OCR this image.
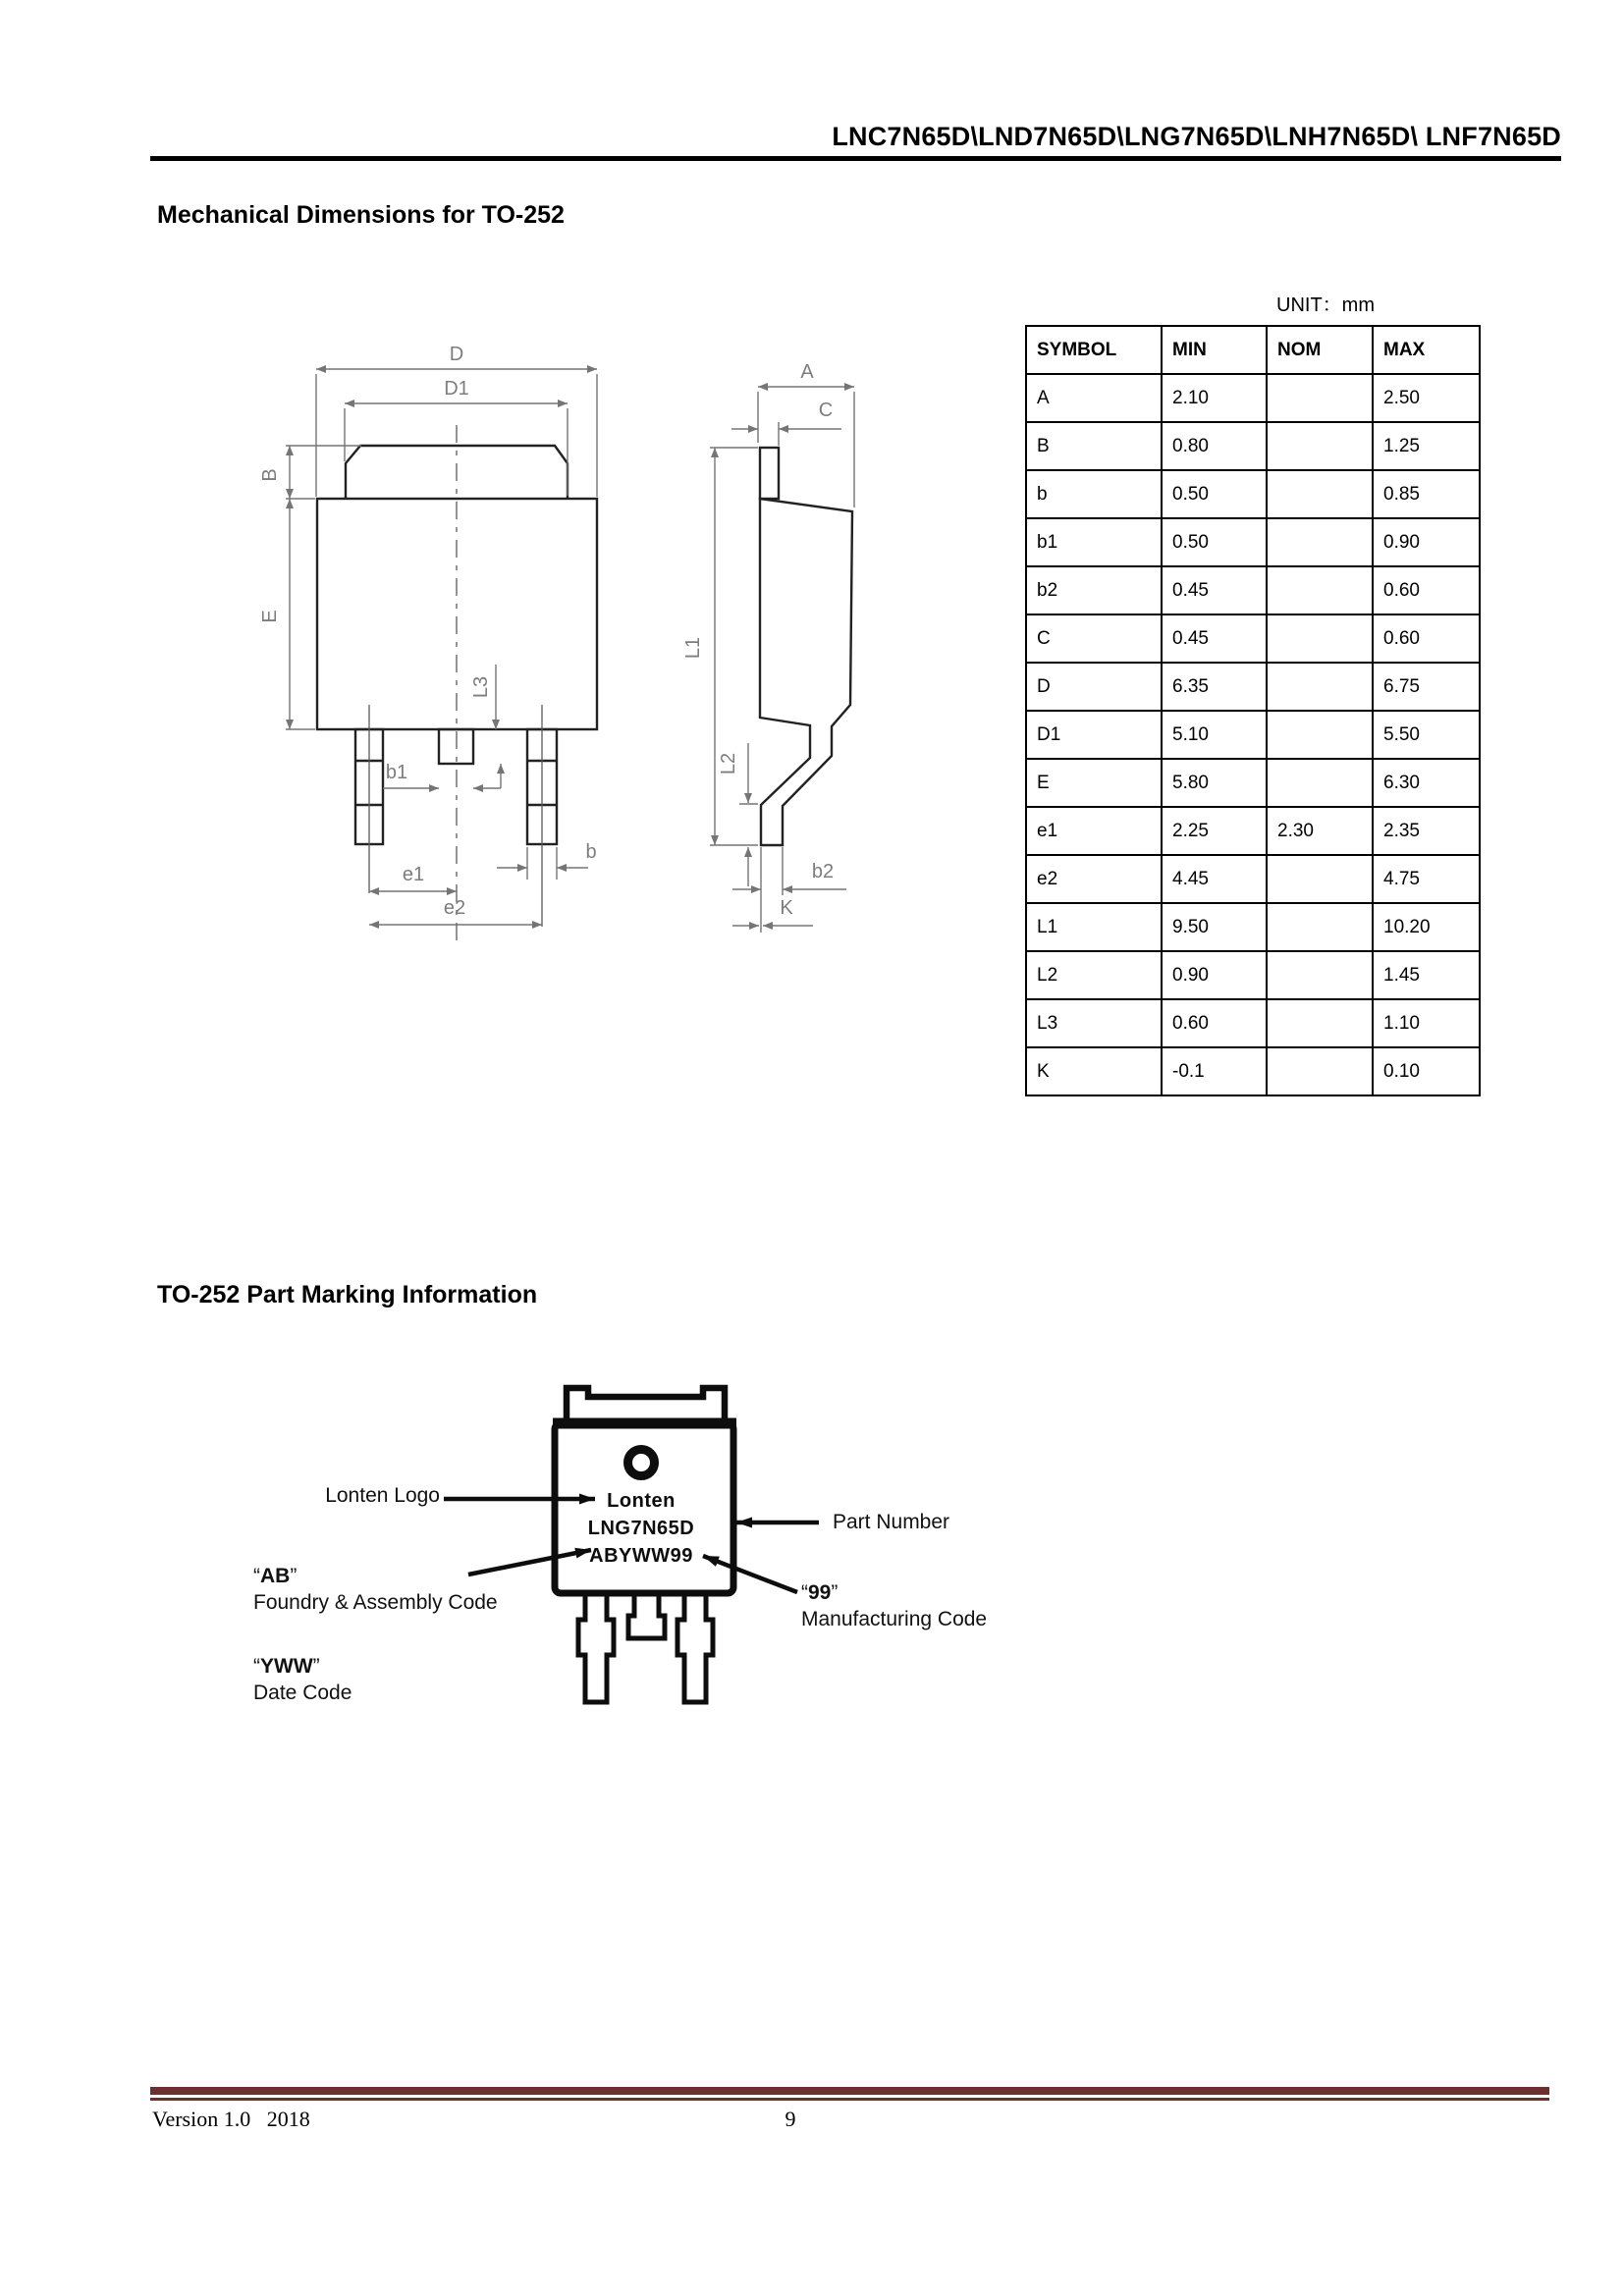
LNC7N65D\LND7N65D\LNG7N65D\LNH7N65D\ LNF7N65D
Mechanical Dimensions for TO-252
UNIT：mm
D
D1
B
E
L3
b1
e1
e2
b
A
C
L1
L2
b2
K
SYMBOL	MIN	NOM	MAX
A	2.10		2.50
B	0.80		1.25
b	0.50		0.85
b1	0.50		0.90
b2	0.45		0.60
C	0.45		0.60
D	6.35		6.75
D1	5.10		5.50
E	5.80		6.30
e1	2.25	2.30	2.35
e2	4.45		4.75
L1	9.50		10.20
L2	0.90		1.45
L3	0.60		1.10
K	-0.1		0.10
TO-252 Part Marking Information
Lonten
LNG7N65D
ABYWW99
Lonten Logo
Part Number
“AB”
Foundry & Assembly Code	“99”
Manufacturing Code
“YWW”
Date Code
Version 1.0   2018	9
